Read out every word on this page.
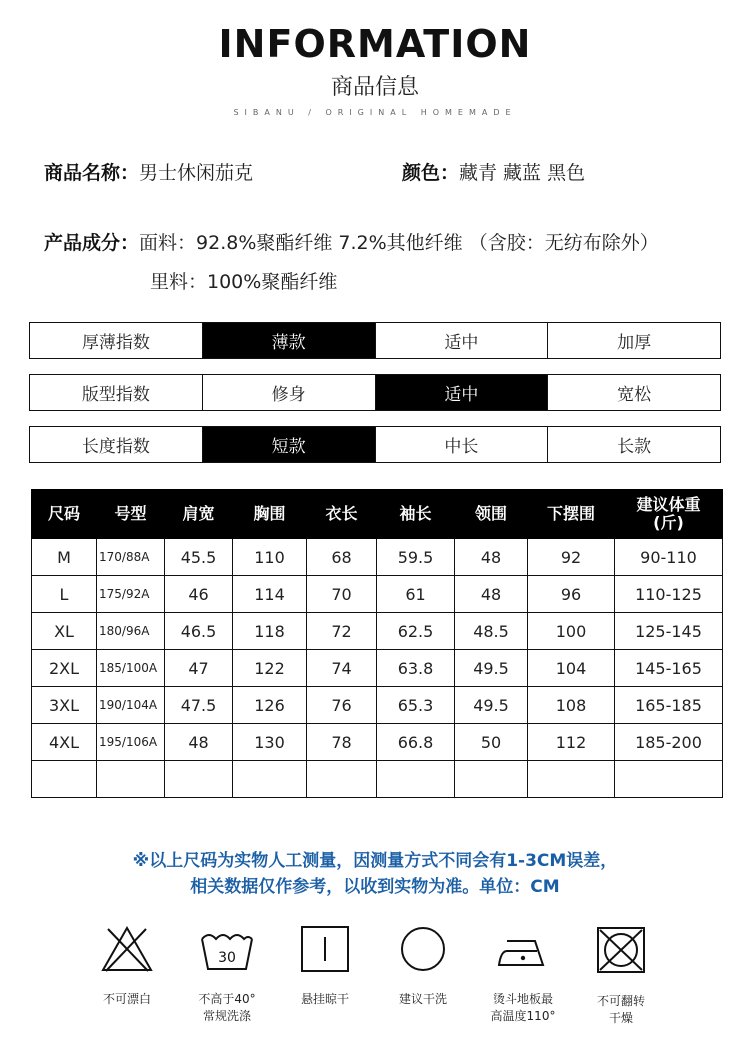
INFORMATION
商品信息
SIBANU / ORIGINAL HOMEMADE
商品名称：男士休闲茄克	颜色：藏青 藏蓝 黑色
产品成分：面料：92.8%聚酯纤维 7.2%其他纤维 （含胶：无纺布除外）
里料：100%聚酯纤维
厚薄指数	薄款	适中	加厚
版型指数	修身	适中	宽松
长度指数	短款	中长	长款
尺码	号型	肩宽	胸围	衣长	袖长	领围	下摆围	建议体重
(斤)
M	170/88A	45.5	110	68	59.5	48	92	90-110
L	175/92A	46	114	70	61	48	96	110-125
XL	180/96A	46.5	118	72	62.5	48.5	100	125-145
2XL	185/100A	47	122	74	63.8	49.5	104	145-165
3XL	190/104A	47.5	126	76	65.3	49.5	108	165-185
4XL	195/106A	48	130	78	66.8	50	112	185-200

※以上尺码为实物人工测量，因测量方式不同会有1-3CM误差，
相关数据仅作参考，以收到实物为准。单位：CM
不可漂白
30
不高于40°
常规洗涤
悬挂晾干	建议干洗	烫斗地板最
高温度110°
不可翻转
干燥
